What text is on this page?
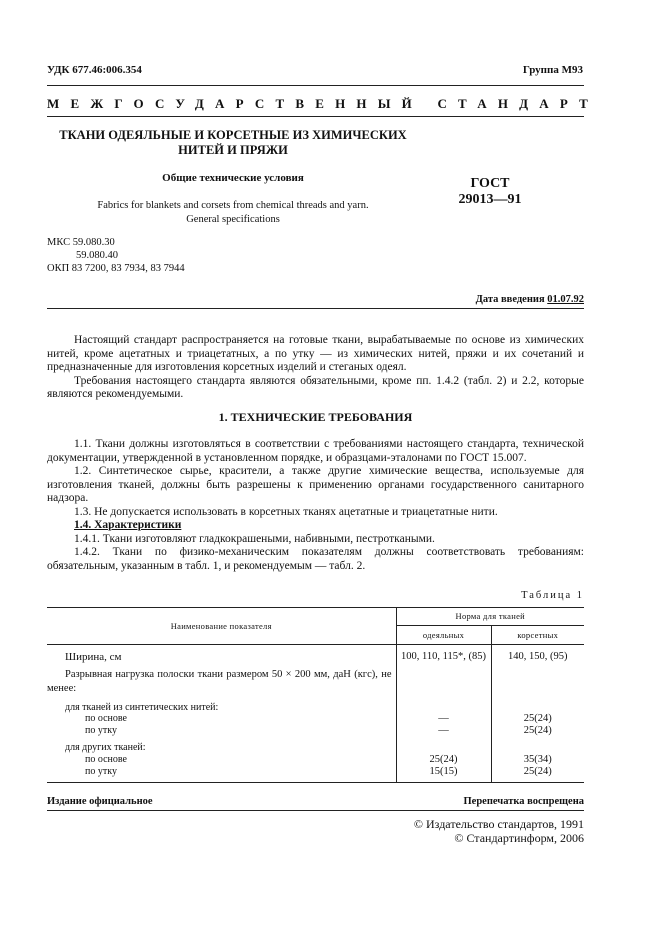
УДК 677.46:006.354	Группа М93
МЕЖГОСУДАРСТВЕННЫЙ СТАНДАРТ
ТКАНИ ОДЕЯЛЬНЫЕ И КОРСЕТНЫЕ ИЗ ХИМИЧЕСКИХ
НИТЕЙ И ПРЯЖИ
Общие технические условия
Fabrics for blankets and corsets from chemical threads and yarn.
General specifications
ГОСТ
29013—91
МКС 59.080.30
59.080.40
ОКП 83 7200, 83 7934, 83 7944
Дата введения 01.07.92

Настоящий стандарт распространяется на готовые ткани, вырабатываемые по основе из химических нитей, кроме ацетатных и триацетатных, а по утку — из химических нитей, пряжи и их сочетаний и предназначенные для изготовления корсетных изделий и стеганых одеял.

Требования настоящего стандарта являются обязательными, кроме пп. 1.4.2 (табл. 2) и 2.2, которые являются рекомендуемыми.

1. ТЕХНИЧЕСКИЕ ТРЕБОВАНИЯ

1.1. Ткани должны изготовляться в соответствии с требованиями настоящего стандарта, технической документации, утвержденной в установленном порядке, и образцами-эталонами по ГОСТ 15.007.

1.2. Синтетическое сырье, красители, а также другие химические вещества, используемые для изготовления тканей, должны быть разрешены к применению органами государственного санитарного надзора.

1.3. Не допускается использовать в корсетных тканях ацетатные и триацетатные нити.

1.4. Характеристики

1.4.1. Ткани изготовляют гладкокрашеными, набивными, пестроткаными.

1.4.2. Ткани по физико-механическим показателям должны соответствовать требованиям: обязательным, указанным в табл. 1, и рекомендуемым — табл. 2.

Таблица 1
Наименование показателя	Норма для тканей	
	одеяльных	корсетных
Ширина, см	100, 110, 115*, (85)	140, 150, (95)
Разрывная нагрузка полоски ткани размером 50 × 200 мм, даН (кгс), не менее:		
для тканей из синтетических нитей:		
по основе	—	25(24)
по утку	—	25(24)
для других тканей:		
по основе	25(24)	35(34)
по утку	15(15)	25(24)
Издание официальное	Перепечатка воспрещена
© Издательство стандартов, 1991
© Стандартинформ, 2006
